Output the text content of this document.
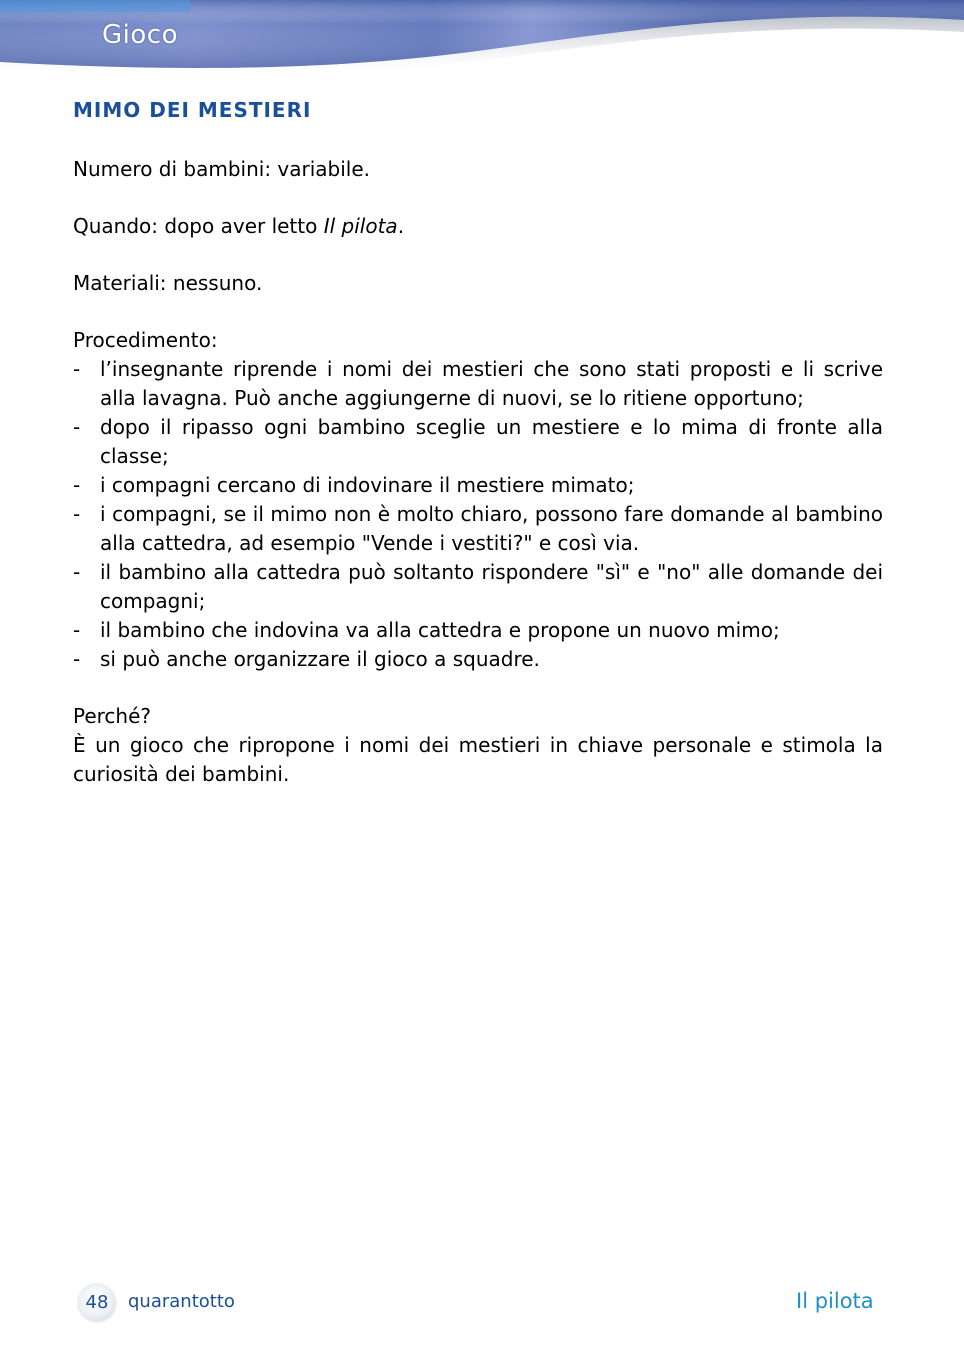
Gioco
MIMO DEI MESTIERI

Numero di bambini: variabile.

Quando: dopo aver letto Il pilota.

Materiali: nessuno.

Procedimento:

- l’insegnante riprende i nomi dei mestieri che sono stati proposti e li scrive alla lavagna. Può anche aggiungerne di nuovi, se lo ritiene opportuno;
- dopo il ripasso ogni bambino sceglie un mestiere e lo mima di fronte alla classe;
- i compagni cercano di indovinare il mestiere mimato;
- i compagni, se il mimo non è molto chiaro, possono fare domande al bambino alla cattedra, ad esempio "Vende i vestiti?" e così via.
- il bambino alla cattedra può soltanto rispondere "sì" e "no" alle domande dei compagni;
- il bambino che indovina va alla cattedra e propone un nuovo mimo;
- si può anche organizzare il gioco a squadre.

Perché?

È un gioco che ripropone i nomi dei mestieri in chiave personale e stimola la curiosità dei bambini.

48	quarantotto	Il pilota
